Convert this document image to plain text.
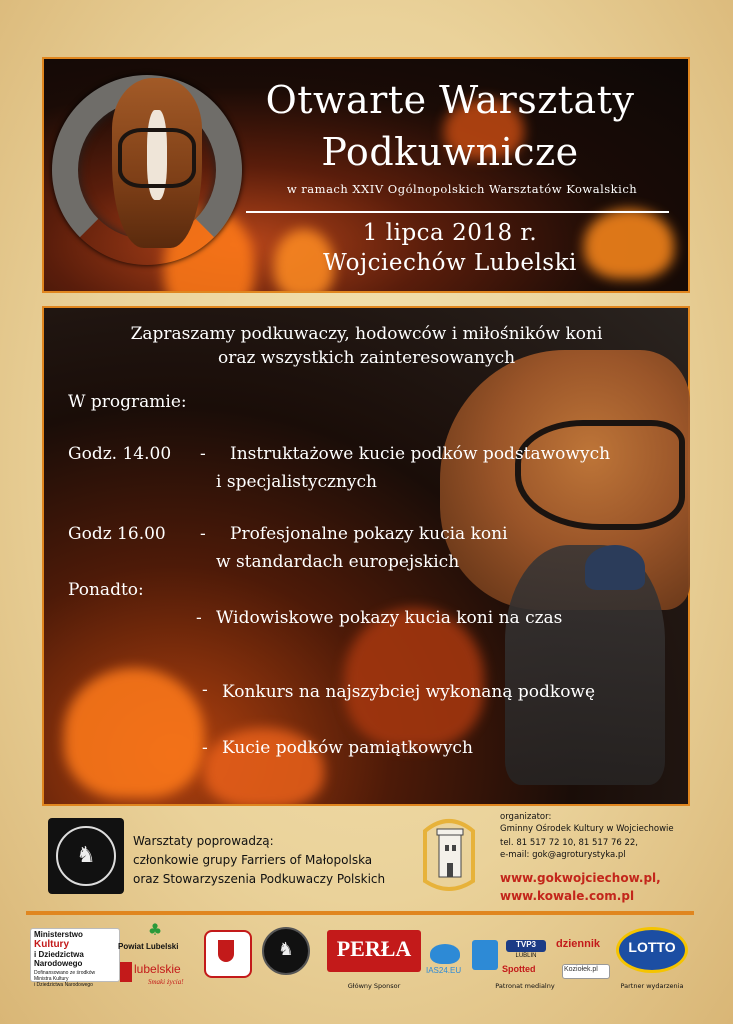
Otwarte Warsztaty
Podkuwnicze
w ramach XXIV Ogólnopolskich Warsztatów Kowalskich
1 lipca 2018 r.
Wojciechów Lubelski
Zapraszamy podkuwaczy, hodowców i miłośników koni
oraz wszystkich zainteresowanych
W programie:
Godz. 14.00 - Instruktażowe kucie podków podstawowych
i specjalistycznych
Godz 16.00 - Profesjonalne pokazy kucia koni
w standardach europejskich
Ponadto:
- Widowiskowe pokazy kucia koni na czas
- Konkurs na najszybciej wykonaną podkowę
- Kucie podków pamiątkowych
♞
Warsztaty poprowadzą:
członkowie grupy Farriers of Małopolska
oraz Stowarzyszenia Podkuwaczy Polskich
organizator:
Gminny Ośrodek Kultury w Wojciechowie
tel. 81 517 72 10, 81 517 76 22,
e-mail: gok@agroturystyka.pl
www.gokwojciechow.pl,
www.kowale.com.pl
Ministerstwo
Kultury
i Dziedzictwa
Narodowego
Dofinansowano ze środków
Ministra Kultury
i Dziedzictwa Narodowego
♣
Powiat Lubelski
lubelskie
Smaki życia!
♞	PERŁA
Główny Sponsor
IAS24.EU
TVP3
LUBLIN
Spotted
dziennik
Koziołek.pl
Patronat medialny
LOTTO
Partner wydarzenia
